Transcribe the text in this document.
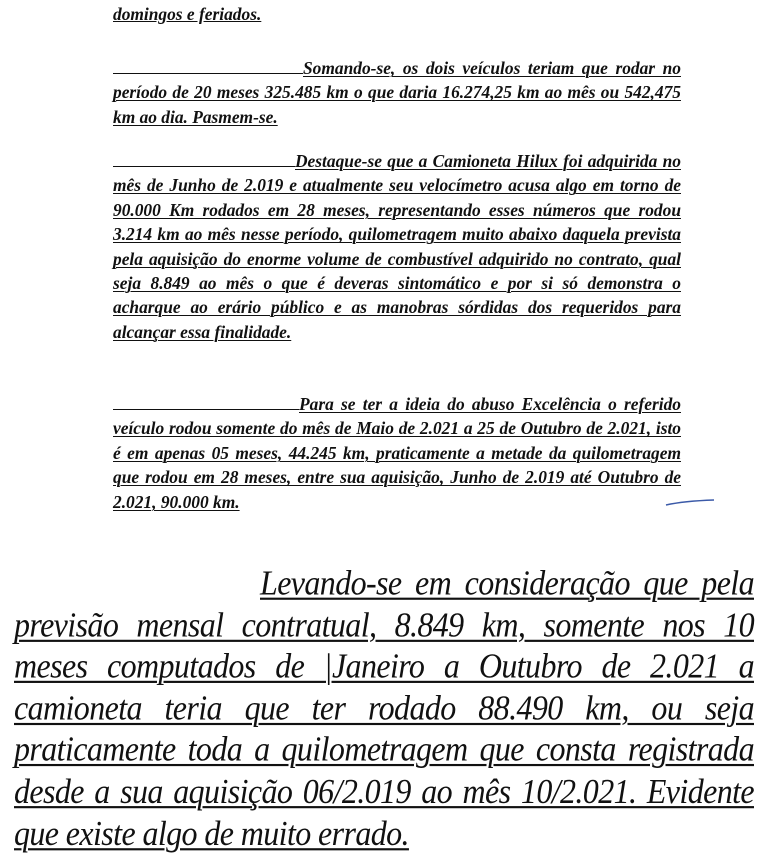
domingos e feriados.
Somando-se, os dois veículos teriam que rodar no período de 20 meses 325.485 km o que daria 16.274,25 km ao mês ou 542,475 km ao dia. Pasmem-se.
Destaque-se que a Camioneta Hilux foi adquirida no mês de Junho de 2.019 e atualmente seu velocímetro acusa algo em torno de 90.000 Km rodados em 28 meses, representando esses números que rodou 3.214 km ao mês nesse período, quilometragem muito abaixo daquela prevista pela aquisição do enorme volume de combustível adquirido no contrato, qual seja 8.849 ao mês o que é deveras sintomático e por si só demonstra o acharque ao erário público e as manobras sórdidas dos requeridos para alcançar essa finalidade.
Para se ter a ideia do abuso Excelência o referido veículo rodou somente do mês de Maio de 2.021 a 25 de Outubro de 2.021, isto é em apenas 05 meses, 44.245 km, praticamente a metade da quilometragem que rodou em 28 meses, entre sua aquisição, Junho de 2.019 até Outubro de 2.021, 90.000 km.
Levando-se em consideração que pela previsão mensal contratual, 8.849 km, somente nos 10 meses computados de |Janeiro a Outubro de 2.021 a camioneta teria que ter rodado 88.490 km, ou seja praticamente toda a quilometragem que consta registrada desde a sua aquisição 06/2.019 ao mês 10/2.021. Evidente que existe algo de muito errado.
